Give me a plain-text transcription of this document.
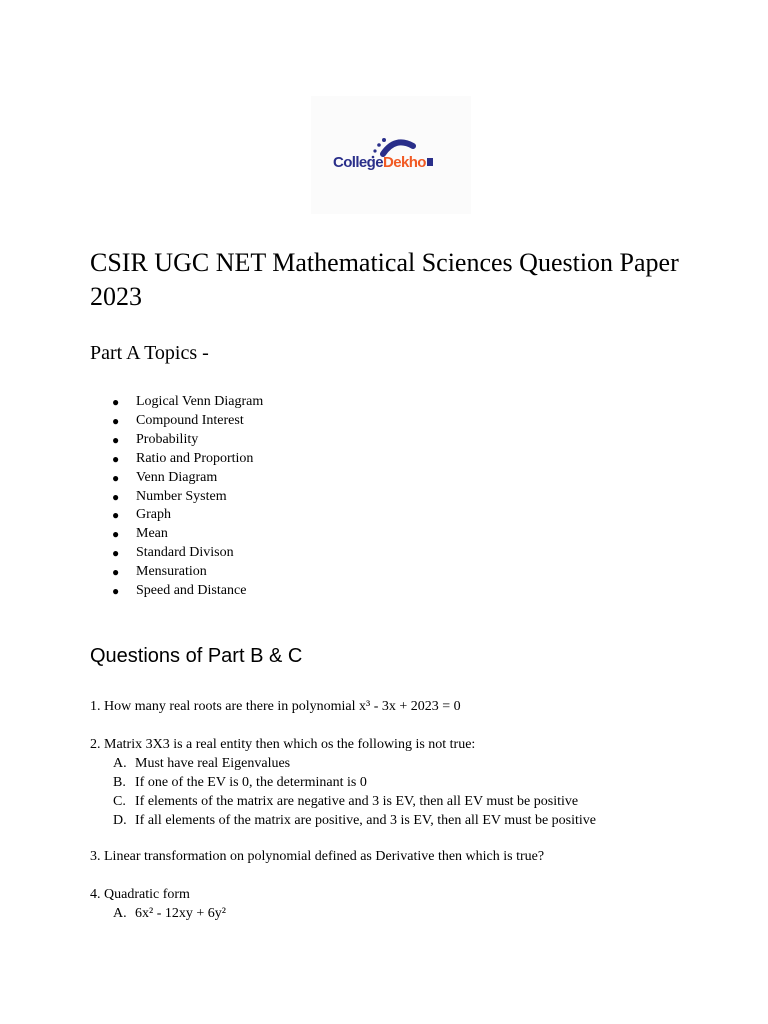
CollegeDekho
CSIR UGC NET Mathematical Sciences Question Paper 2023
Part A Topics -
● Logical Venn Diagram
● Compound Interest
● Probability
● Ratio and Proportion
● Venn Diagram
● Number System
● Graph
● Mean
● Standard Divison
● Mensuration
● Speed and Distance
Questions of Part B & C

1. How many real roots are there in polynomial x³ - 3x + 2023 = 0

2. Matrix 3X3 is a real entity then which os the following is not true:
A. Must have real Eigenvalues
B. If one of the EV is 0, the determinant is 0
C. If elements of the matrix are negative and 3 is EV, then all EV must be positive
D. If all elements of the matrix are positive, and 3 is EV, then all EV must be positive

3. Linear transformation on polynomial defined as Derivative then which is true?

4. Quadratic form
A. 6x² - 12xy + 6y²
